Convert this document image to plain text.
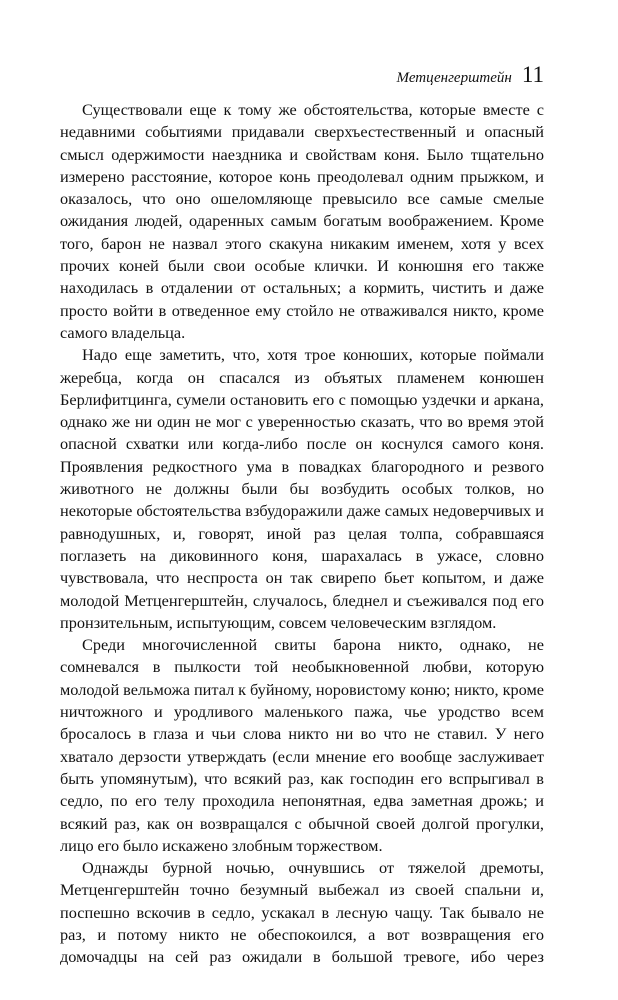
Метценгерштейн 11

Существовали еще к тому же обстоятельства, которые вместе с недавними событиями придавали сверхъестественный и опасный смысл одержимости наездника и свойствам коня. Было тщательно измерено расстояние, которое конь преодолевал одним прыжком, и оказалось, что оно ошеломляюще превысило все самые смелые ожидания людей, одаренных самым богатым воображением. Кроме того, барон не назвал этого скакуна никаким именем, хотя у всех прочих коней были свои особые клички. И конюшня его также находилась в отдалении от остальных; а кормить, чистить и даже просто войти в отведенное ему стойло не отваживался никто, кроме самого владельца.

Надо еще заметить, что, хотя трое конюших, которые поймали жеребца, когда он спасался из объятых пламенем конюшен Берлифитцинга, сумели остановить его с помощью уздечки и аркана, однако же ни один не мог с уверенностью сказать, что во время этой опасной схватки или когда-либо после он коснулся самого коня. Проявления редкостного ума в повадках благородного и резвого животного не должны были бы возбудить особых толков, но некоторые обстоятельства взбудоражили даже самых недоверчивых и равнодушных, и, говорят, иной раз целая толпа, собравшаяся поглазеть на диковинного коня, шарахалась в ужасе, словно чувствовала, что неспроста он так свирепо бьет копытом, и даже молодой Метценгерштейн, случалось, бледнел и съеживался под его пронзительным, испытующим, совсем человеческим взглядом.

Среди многочисленной свиты барона никто, однако, не сомневался в пылкости той необыкновенной любви, которую молодой вельможа питал к буйному, норовистому коню; никто, кроме ничтожного и уродливого маленького пажа, чье уродство всем бросалось в глаза и чьи слова никто ни во что не ставил. У него хватало дерзости утверждать (если мнение его вообще заслуживает быть упомянутым), что всякий раз, как господин его вспрыгивал в седло, по его телу проходила непонятная, едва заметная дрожь; и всякий раз, как он возвращался с обычной своей долгой прогулки, лицо его было искажено злобным торжеством.

Однажды бурной ночью, очнувшись от тяжелой дремоты, Метценгерштейн точно безумный выбежал из своей спальни и, поспешно вскочив в седло, ускакал в лесную чащу. Так бывало не раз, и потому никто не обеспокоился, а вот возвращения его домочадцы на сей раз ожидали в большой тревоге, ибо через
